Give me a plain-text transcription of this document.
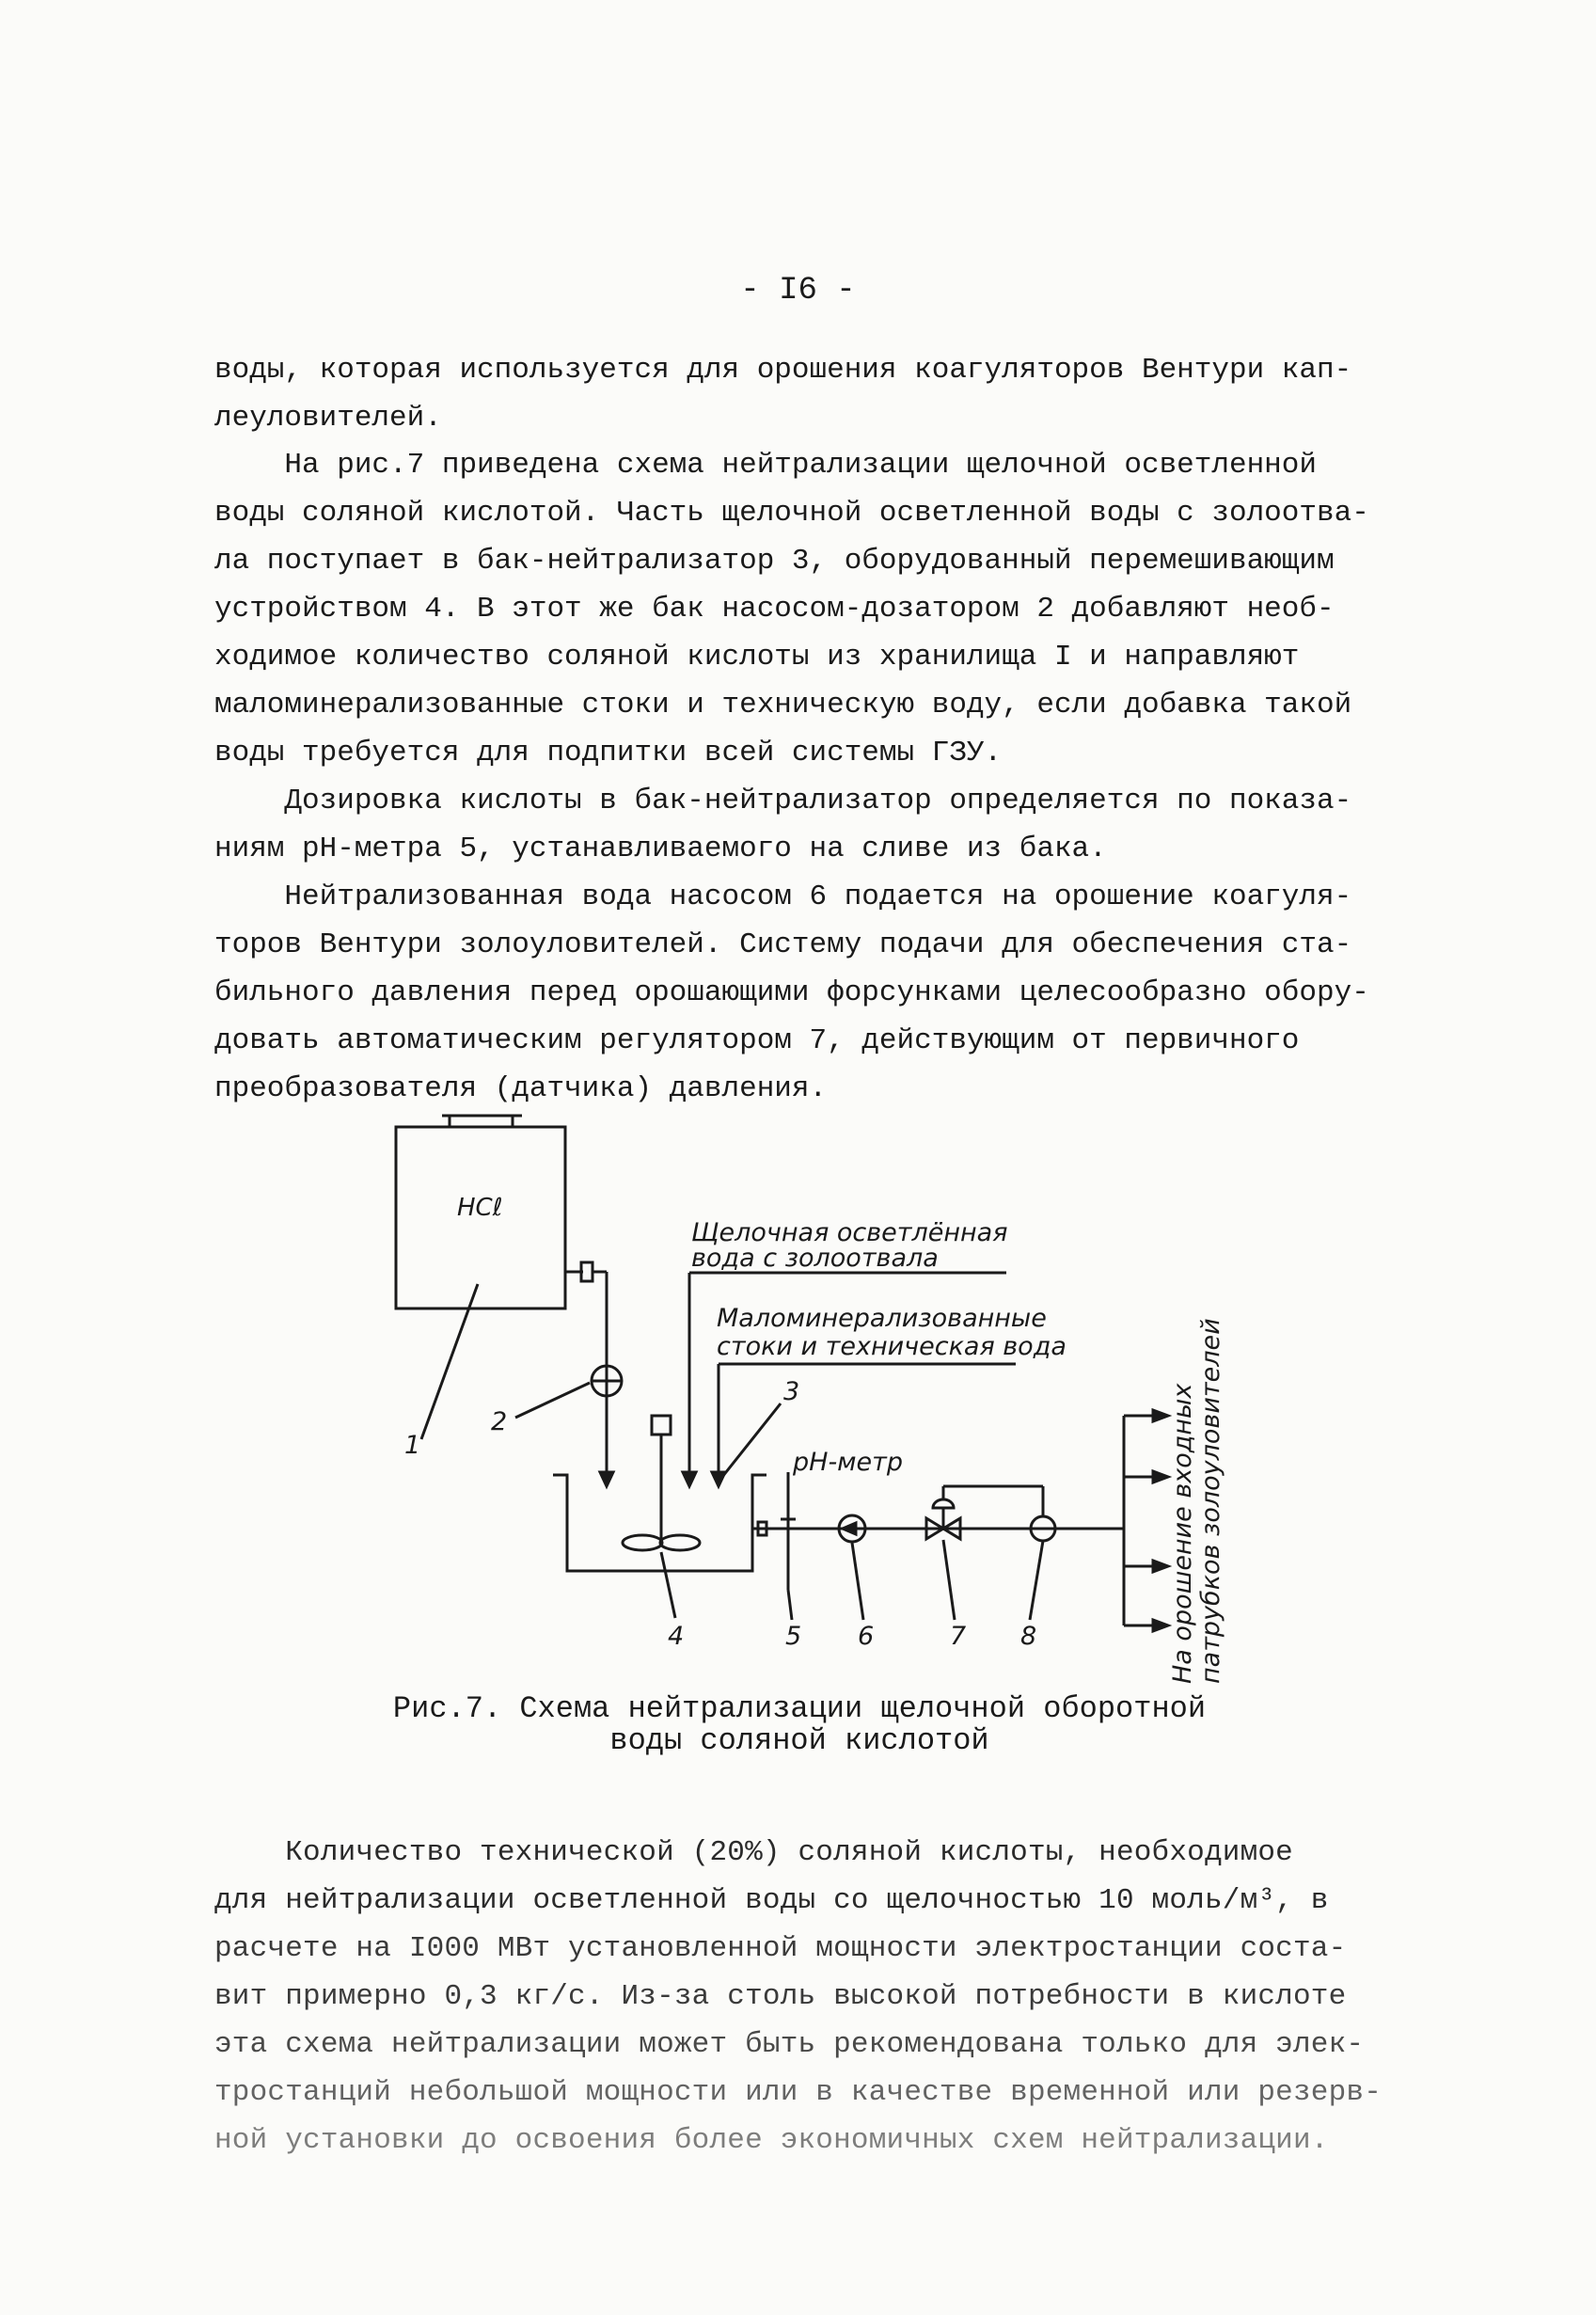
- I6 -
воды, которая используется для орошения коагуляторов Вентури кап-
леуловителей.
На рис.7 приведена схема нейтрализации щелочной осветленной
воды соляной кислотой. Часть щелочной осветленной воды с золоотва-
ла поступает в бак-нейтрализатор 3, оборудованный перемешивающим
устройством 4. В этот же бак насосом-дозатором 2 добавляют необ-
ходимое количество соляной кислоты из хранилища I и направляют
маломинерализованные стоки и техническую воду, если добавка такой
воды требуется для подпитки всей системы ГЗУ.
Дозировка кислоты в бак-нейтрализатор определяется по показа-
ниям pH-метра 5, устанавливаемого на сливе из бака.
Нейтрализованная вода насосом 6 подается на орошение коагуля-
торов Вентури золоуловителей. Систему подачи для обеспечения ста-
бильного давления перед орошающими форсунками целесообразно обору-
довать автоматическим регулятором 7, действующим от первичного
преобразователя (датчика) давления.
HCℓ
Щелочная осветлённая
вода с золоотвала
Маломинерализованные
стоки и техническая вода
pH-метр
1
2
3
4	5 6	7 8	На орошение входных патрубков золоуловителей
Рис.7. Схема нейтрализации щелочной оборотной
воды соляной кислотой
Количество технической (20%) соляной кислоты, необходимое
для нейтрализации осветленной воды со щелочностью 10 моль/м³, в
расчете на I000 МВт установленной мощности электростанции соста-
вит примерно 0,3 кг/с. Из-за столь высокой потребности в кислоте
эта схема нейтрализации может быть рекомендована только для элек-
тростанций небольшой мощности или в качестве временной или резерв-
ной установки до освоения более экономичных схем нейтрализации.
